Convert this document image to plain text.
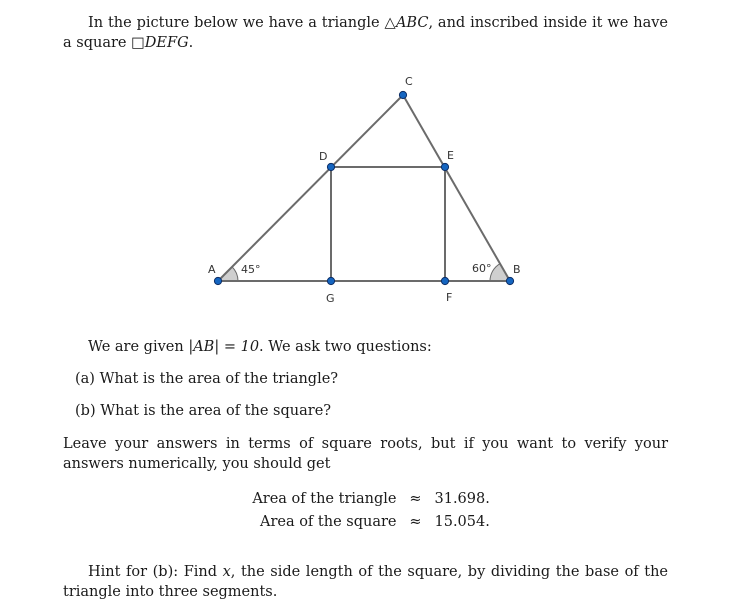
In the picture below we have a triangle △ABC, and inscribed inside it we have a square □DEFG.

A	B
C
D	E
F
G
45°	60°

We are given |AB| = 10. We ask two questions:

(a) What is the area of the triangle?

(b) What is the area of the square?

Leave your answers in terms of square roots, but if you want to verify your answers numerically, you should get

Area of the triangle ≈ 31.698.
Area of the square ≈ 15.054.

Hint for (b): Find x, the side length of the square, by dividing the base of the triangle into three segments.
